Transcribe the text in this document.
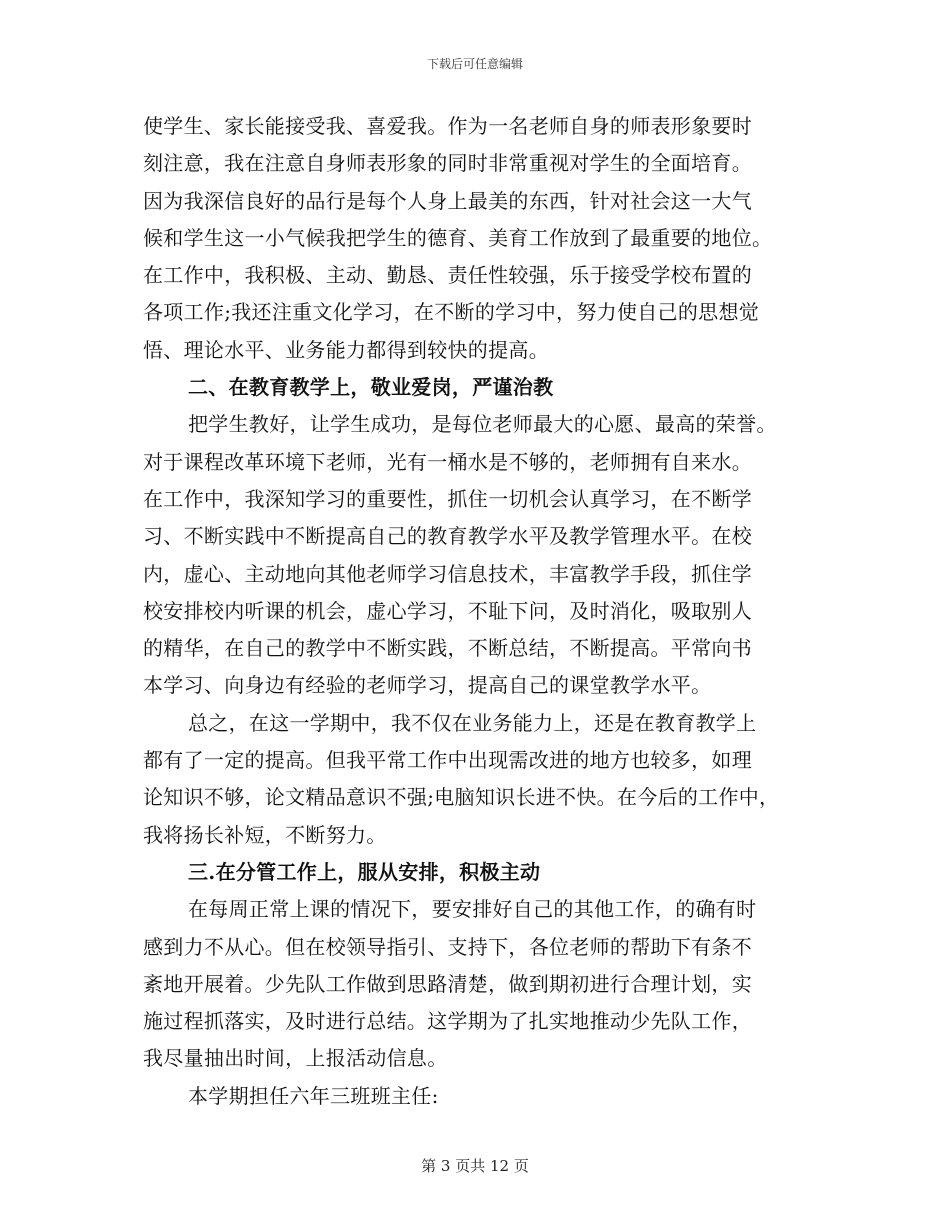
下载后可任意编辑
使学生、家长能接受我、喜爱我。作为一名老师自身的师表形象要时
刻注意，我在注意自身师表形象的同时非常重视对学生的全面培育。
因为我深信良好的品行是每个人身上最美的东西，针对社会这一大气
候和学生这一小气候我把学生的德育、美育工作放到了最重要的地位。
在工作中，我积极、主动、勤恳、责任性较强，乐于接受学校布置的
各项工作;我还注重文化学习，在不断的学习中，努力使自己的思想觉
悟、理论水平、业务能力都得到较快的提高。
二、在教育教学上，敬业爱岗，严谨治教
把学生教好，让学生成功，是每位老师最大的心愿、最高的荣誉。
对于课程改革环境下老师，光有一桶水是不够的，老师拥有自来水。
在工作中，我深知学习的重要性，抓住一切机会认真学习，在不断学
习、不断实践中不断提高自己的教育教学水平及教学管理水平。在校
内，虚心、主动地向其他老师学习信息技术，丰富教学手段，抓住学
校安排校内听课的机会，虚心学习，不耻下问，及时消化，吸取别人
的精华，在自己的教学中不断实践，不断总结，不断提高。平常向书
本学习、向身边有经验的老师学习，提高自己的课堂教学水平。
总之，在这一学期中，我不仅在业务能力上，还是在教育教学上
都有了一定的提高。但我平常工作中出现需改进的地方也较多，如理
论知识不够，论文精品意识不强;电脑知识长进不快。在今后的工作中，
我将扬长补短，不断努力。
三.在分管工作上，服从安排，积极主动
在每周正常上课的情况下，要安排好自己的其他工作，的确有时
感到力不从心。但在校领导指引、支持下，各位老师的帮助下有条不
紊地开展着。少先队工作做到思路清楚，做到期初进行合理计划，实
施过程抓落实，及时进行总结。这学期为了扎实地推动少先队工作，
我尽量抽出时间，上报活动信息。
本学期担任六年三班班主任:
第 3 页共 12 页
